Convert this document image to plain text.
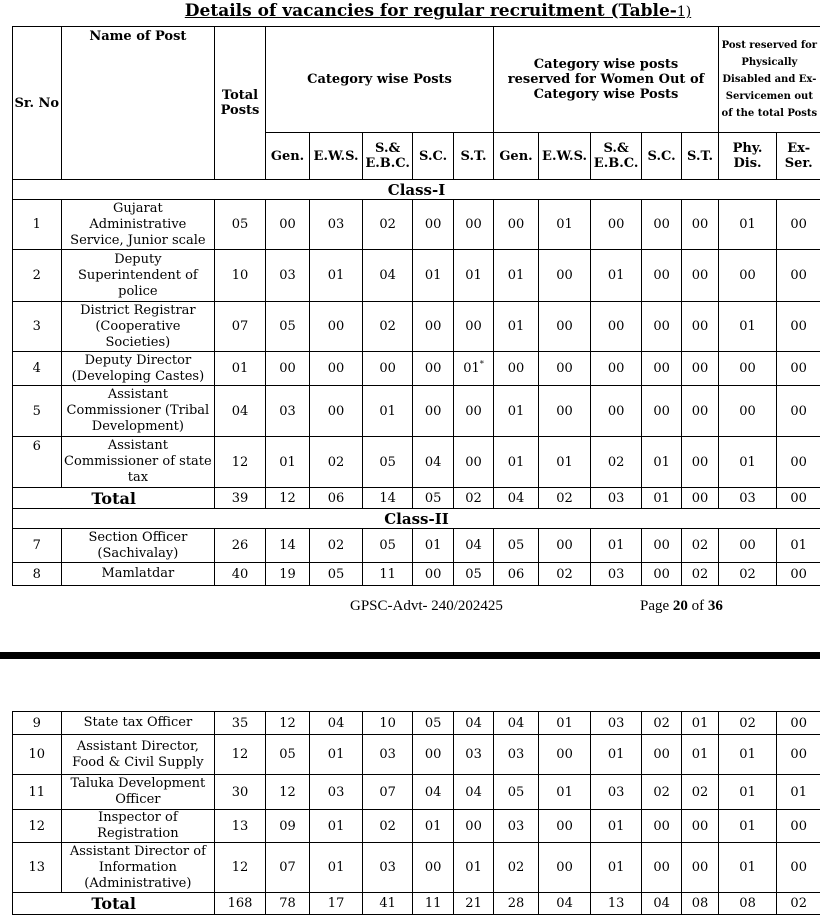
Details of vacancies for regular recruitment (Table-1)
Sr. No	Name of Post	Total Posts	Category wise Posts					Category wise posts reserved for Women Out of Category wise Posts					Post reserved for Physically Disabled and Ex-Servicemen out of the total Posts	
			Gen.	E.W.S.	S.& E.B.C.	S.C.	S.T.	Gen.	E.W.S.	S.& E.B.C.	S.C.	S.T.	Phy. Dis.	Ex- Ser.
Class-I														
1	Gujarat Administrative Service, Junior scale	05	00	03	02	00	00	00	01	00	00	00	01	00
2	Deputy Superintendent of police	10	03	01	04	01	01	01	00	01	00	00	00	00
3	District Registrar (Cooperative Societies)	07	05	00	02	00	00	01	00	00	00	00	01	00
4	Deputy Director (Developing Castes)	01	00	00	00	00	01*	00	00	00	00	00	00	00
5	Assistant Commissioner (Tribal Development)	04	03	00	01	00	00	01	00	00	00	00	00	00
6	Assistant Commissioner of state tax	12	01	02	05	04	00	01	01	02	01	00	01	00
Total		39	12	06	14	05	02	04	02	03	01	00	03	00
Class-II														
7	Section Officer (Sachivalay)	26	14	02	05	01	04	05	00	01	00	02	00	01
8	Mamlatdar	40	19	05	11	00	05	06	02	03	00	02	02	00
GPSC-Advt- 240/202425	Page 20 of 36
9	State tax Officer	35	12	04	10	05	04	04	01	03	02	01	02	00
10	Assistant Director, Food & Civil Supply	12	05	01	03	00	03	03	00	01	00	01	01	00
11	Taluka Development Officer	30	12	03	07	04	04	05	01	03	02	02	01	01
12	Inspector of Registration	13	09	01	02	01	00	03	00	01	00	00	01	00
13	Assistant Director of Information (Administrative)	12	07	01	03	00	01	02	00	01	00	00	01	00
Total		168	78	17	41	11	21	28	04	13	04	08	08	02
